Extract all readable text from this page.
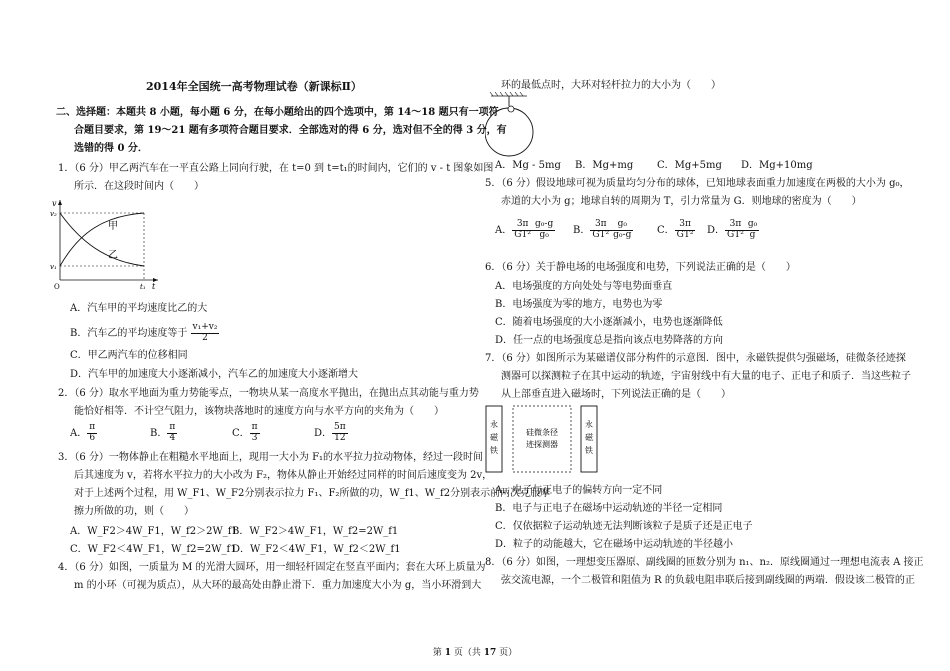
2014年全国统一高考物理试卷（新课标Ⅱ）
二、选择题：本题共 8 小题，每小题 6 分，在每小题给出的四个选项中，第 14～18 题只有一项符
合题目要求，第 19～21 题有多项符合题目要求．全部选对的得 6 分，选对但不全的得 3 分，有
选错的得 0 分．
1．（6 分）甲乙两汽车在一平直公路上同向行驶，在 t=0 到 t=t₁的时间内，它们的 v - t 图象如图
所示．在这段时间内（　　）
v
v₂
v₁
O	t₁ t
甲
乙
A．汽车甲的平均速度比乙的大
B．汽车乙的平均速度等于 $\frac{\text{v₁+v₂}}{2}$
C．甲乙两汽车的位移相同
D．汽车甲的加速度大小逐渐减小，汽车乙的加速度大小逐渐增大
2．（6 分）取水平地面为重力势能零点，一物块从某一高度水平抛出，在抛出点其动能与重力势
能恰好相等．不计空气阻力，该物块落地时的速度方向与水平方向的夹角为（　　）
A． $\frac{\pi}{6}$	B． $\frac{\pi}{4}$	C． $\frac{\pi}{3}$	D． $\frac{5\pi}{12}$
3．（6 分）一物体静止在粗糙水平地面上，现用一大小为 F₁的水平拉力拉动物体，经过一段时间
后其速度为 v，若将水平拉力的大小改为 F₂，物体从静止开始经过同样的时间后速度变为 2v，
对于上述两个过程，用 W_F1、W_F2分别表示拉力 F₁、F₂所做的功，W_f1、W_f2分别表示前两次克服摩
擦力所做的功，则（　　）
A．W_F2＞4W_F1，W_f2＞2W_f1
B．W_F2＞4W_F1，W_f2=2W_f1
C．W_F2＜4W_F1，W_f2=2W_f1
D．W_F2＜4W_F1，W_f2＜2W_f1
4．（6 分）如图，一质量为 M 的光滑大圆环，用一细轻杆固定在竖直平面内；套在大环上质量为
m 的小环（可视为质点），从大环的最高处由静止滑下．重力加速度大小为 g，当小环滑到大
环的最低点时，大环对轻杆拉力的大小为（　　）
A．Mg - 5mg B．Mg+mg C．Mg+5mg D．Mg+10mg
5．（6 分）假设地球可视为质量均匀分布的球体，已知地球表面重力加速度在两极的大小为 g₀，
赤道的大小为 g；地球自转的周期为 T，引力常量为 G．则地球的密度为（　　）
A． $\frac{3\pi}{\text{GT²}} \frac{\text{g₀-g}}{\text{g₀}}$ B． $\frac{3\pi}{\text{GT²}} \frac{\text{g₀}}{\text{g₀-g}}$ C． $\frac{3\pi}{\text{GT²}}$ D． $\frac{3\pi}{\text{GT²}} \frac{\text{g₀}}{g}$
6．（6 分）关于静电场的电场强度和电势，下列说法正确的是（　　）
A．电场强度的方向处处与等电势面垂直
B．电场强度为零的地方，电势也为零
C．随着电场强度的大小逐渐减小，电势也逐渐降低
D．任一点的电场强度总是指向该点电势降落的方向
7．（6 分）如图所示为某磁谱仪部分构件的示意图．图中，永磁铁提供匀强磁场，硅微条径迹探
测器可以探测粒子在其中运动的轨迹，宇宙射线中有大量的电子、正电子和质子．当这些粒子
从上部垂直进入磁场时，下列说法正确的是（　　）
永
磁
铁
永
磁
铁
硅微条径
迹探测器
A．电子与正电子的偏转方向一定不同
B．电子与正电子在磁场中运动轨迹的半径一定相同
C．仅依据粒子运动轨迹无法判断该粒子是质子还是正电子
D．粒子的动能越大，它在磁场中运动轨迹的半径越小
8．（6 分）如图，一理想变压器原、副线圈的匝数分别为 n₁、n₂．原线圈通过一理想电流表 A 接正
弦交流电源，一个二极管和阻值为 R 的负载电阻串联后接到副线圈的两端．假设该二极管的正
第 1 页（共 17 页）
